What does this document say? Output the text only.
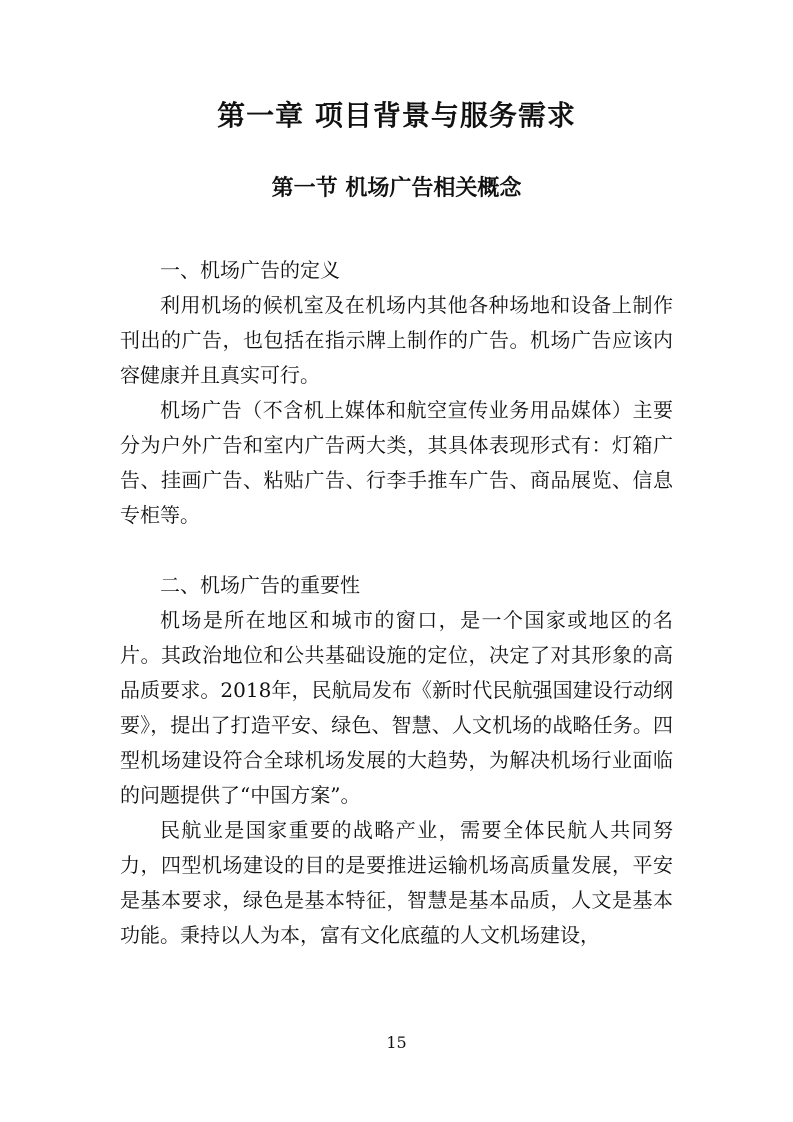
第一章 项目背景与服务需求
第一节 机场广告相关概念

一、机场广告的定义

利用机场的候机室及在机场内其他各种场地和设备上制作刊出的广告，也包括在指示牌上制作的广告。机场广告应该内容健康并且真实可行。

机场广告（不含机上媒体和航空宣传业务用品媒体）主要分为户外广告和室内广告两大类，其具体表现形式有：灯箱广告、挂画广告、粘贴广告、行李手推车广告、商品展览、信息专柜等。

二、机场广告的重要性

机场是所在地区和城市的窗口，是一个国家或地区的名片。其政治地位和公共基础设施的定位，决定了对其形象的高品质要求。2018年，民航局发布《新时代民航强国建设行动纲要》，提出了打造平安、绿色、智慧、人文机场的战略任务。四型机场建设符合全球机场发展的大趋势，为解决机场行业面临的问题提供了“中国方案”。

民航业是国家重要的战略产业，需要全体民航人共同努力，四型机场建设的目的是要推进运输机场高质量发展，平安是基本要求，绿色是基本特征，智慧是基本品质，人文是基本功能。秉持以人为本，富有文化底蕴的人文机场建设，

15
